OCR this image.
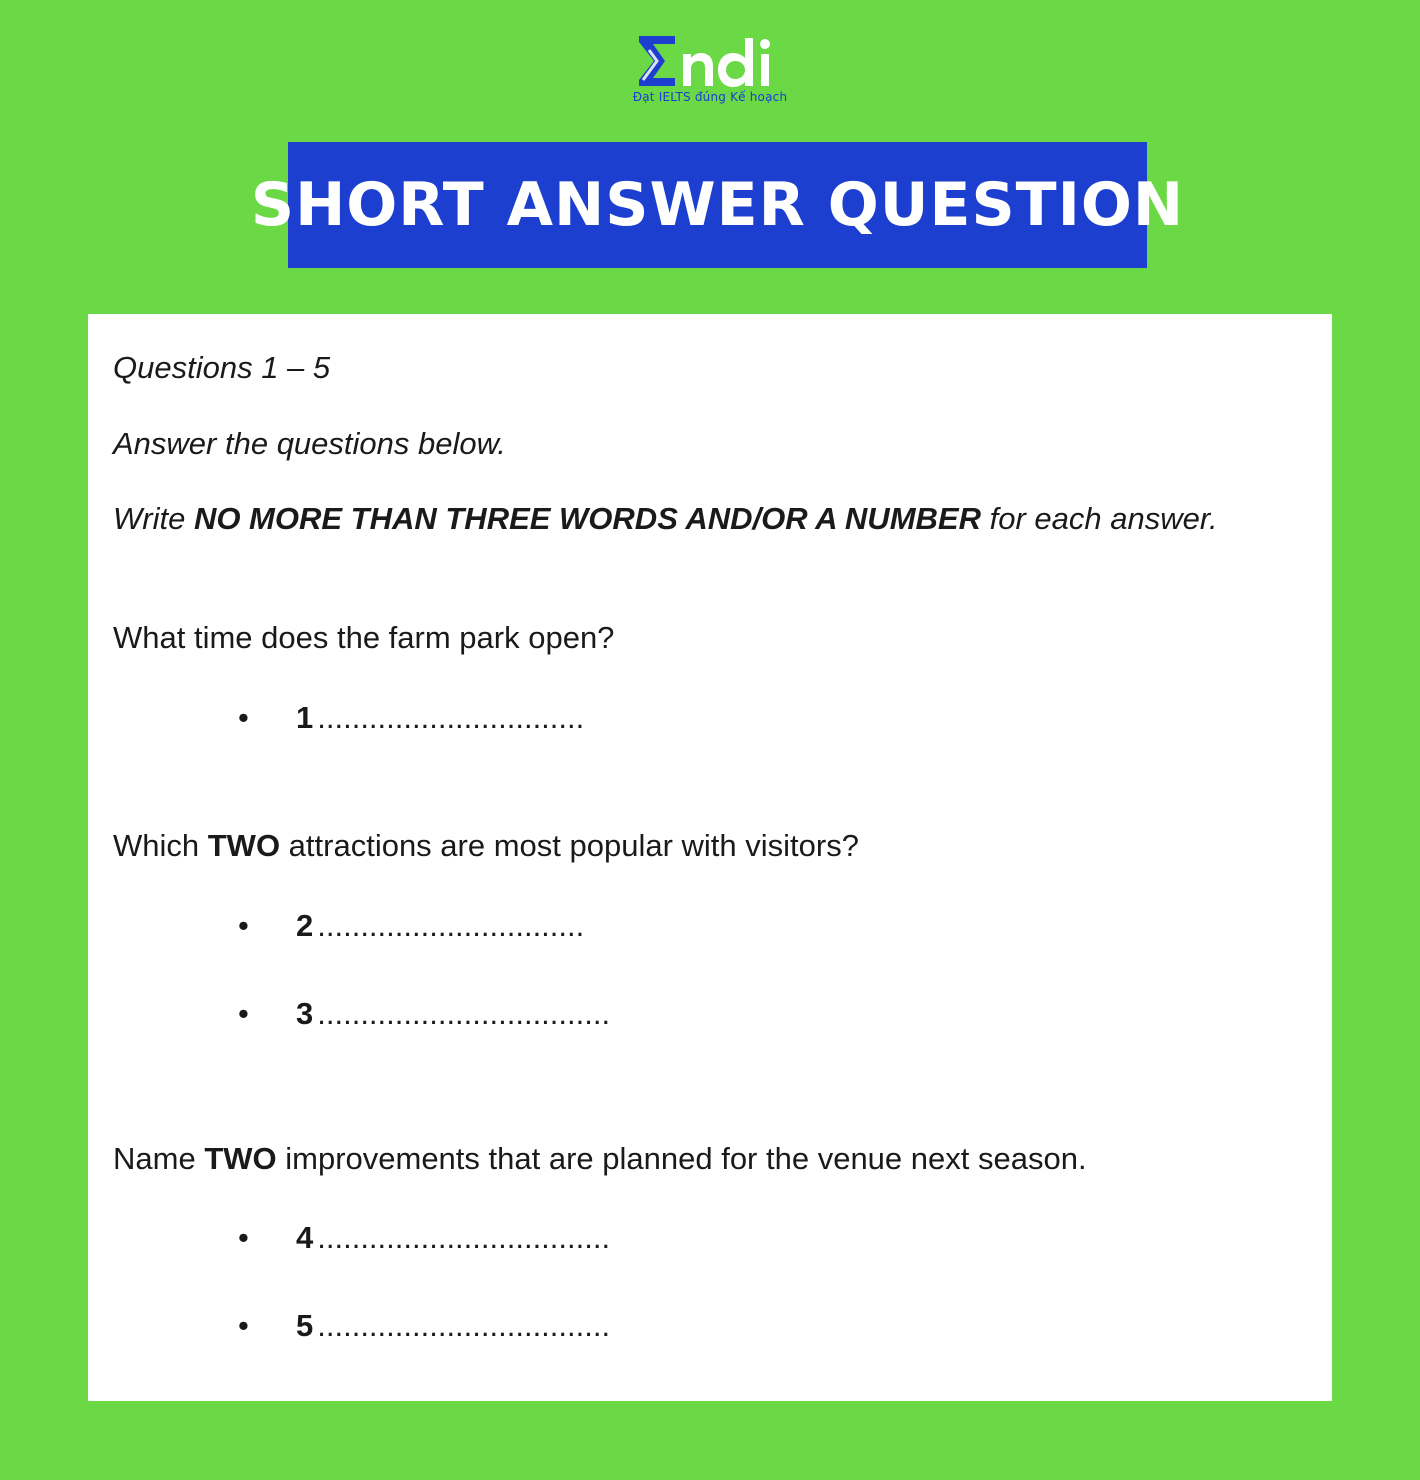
Đạt IELTS đúng Kế hoạch
SHORT ANSWER QUESTION
Questions 1 – 5
Answer the questions below.
Write NO MORE THAN THREE WORDS AND/OR A NUMBER for each answer.
What time does the farm park open?
• 1 ...............................
Which TWO attractions are most popular with visitors?
• 2 ...............................
• 3 ..................................
Name TWO improvements that are planned for the venue next season.
• 4 ..................................
• 5 ..................................
